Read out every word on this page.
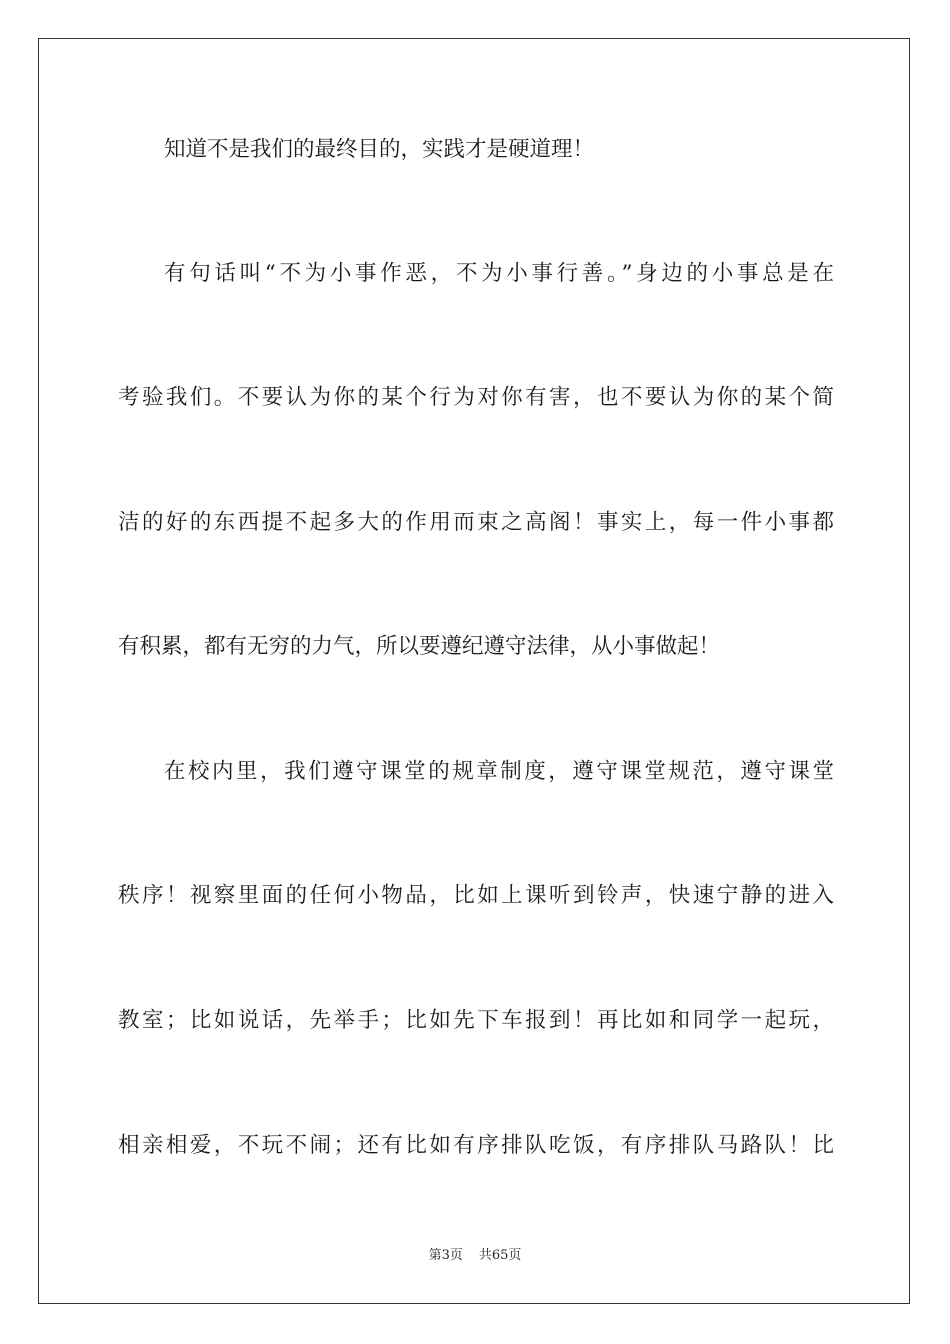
知道不是我们的最终目的，实践才是硬道理！
有句话叫“不为小事作恶，不为小事行善。”身边的小事总是在
考验我们。不要认为你的某个行为对你有害，也不要认为你的某个简
洁的好的东西提不起多大的作用而束之高阁！事实上，每一件小事都
有积累，都有无穷的力气，所以要遵纪遵守法律，从小事做起！
在校内里，我们遵守课堂的规章制度，遵守课堂规范，遵守课堂
秩序！视察里面的任何小物品，比如上课听到铃声，快速宁静的进入
教室；比如说话，先举手；比如先下车报到！再比如和同学一起玩，
相亲相爱，不玩不闹；还有比如有序排队吃饭，有序排队马路队！比
第3页 共65页
